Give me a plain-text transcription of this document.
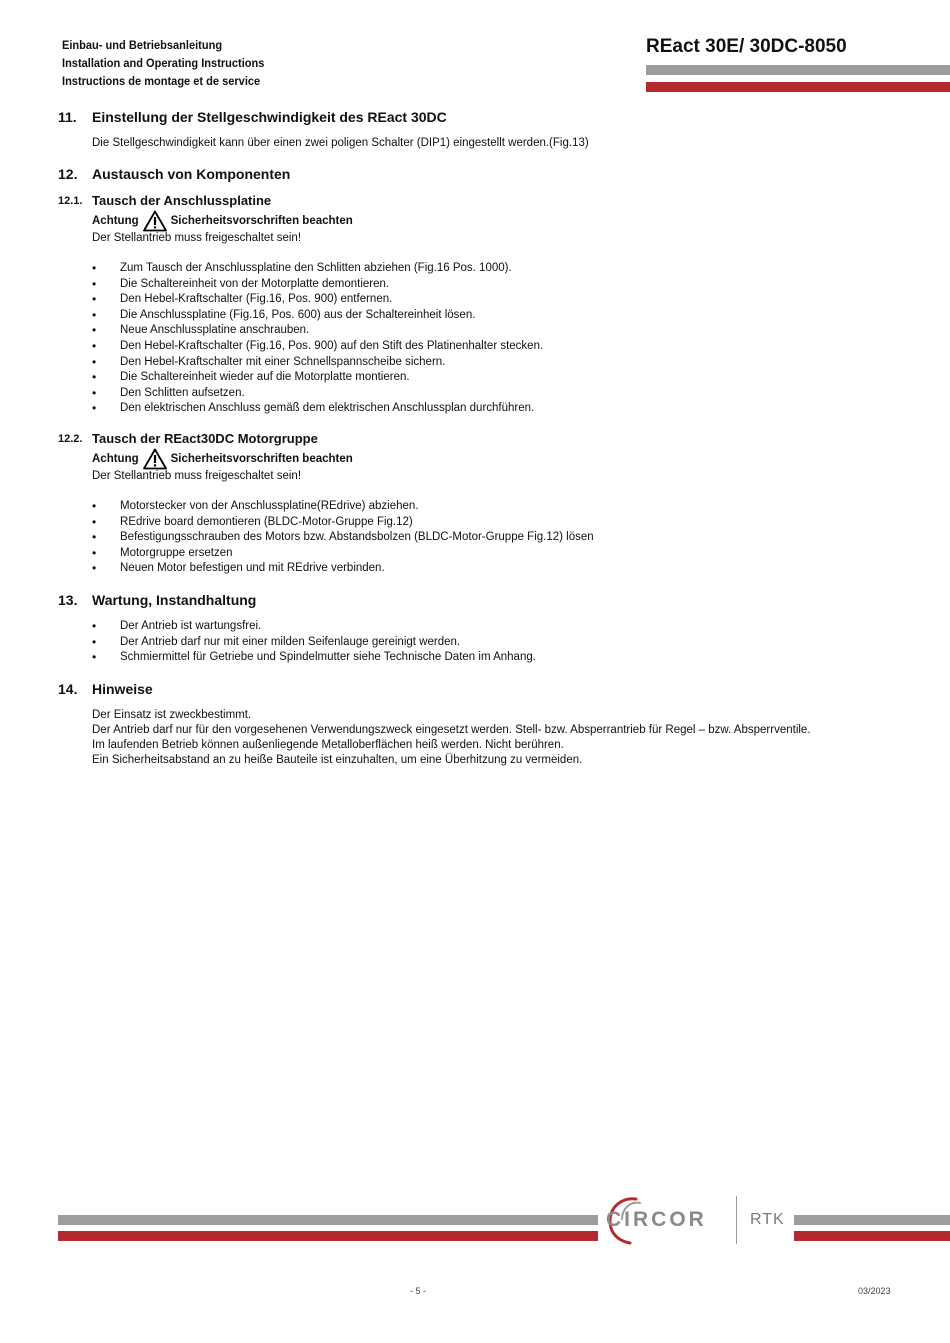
Einbau- und Betriebsanleitung
Installation and Operating Instructions
Instructions de montage et de service
REact 30E/ 30DC-8050
11. Einstellung der Stellgeschwindigkeit des REact 30DC
Die Stellgeschwindigkeit kann über einen zwei poligen Schalter (DIP1) eingestellt werden.(Fig.13)
12. Austausch von Komponenten
12.1. Tausch der Anschlussplatine
Achtung	Sicherheitsvorschriften beachten
Der Stellantrieb muss freigeschaltet sein!
• Zum Tausch der Anschlussplatine den Schlitten abziehen (Fig.16 Pos. 1000).
• Die Schaltereinheit von der Motorplatte demontieren.
• Den Hebel-Kraftschalter (Fig.16, Pos. 900) entfernen.
• Die Anschlussplatine (Fig.16, Pos. 600) aus der Schaltereinheit lösen.
• Neue Anschlussplatine anschrauben.
• Den Hebel-Kraftschalter (Fig.16, Pos. 900) auf den Stift des Platinenhalter stecken.
• Den Hebel-Kraftschalter mit einer Schnellspannscheibe sichern.
• Die Schaltereinheit wieder auf die Motorplatte montieren.
• Den Schlitten aufsetzen.
• Den elektrischen Anschluss gemäß dem elektrischen Anschlussplan durchführen.
12.2. Tausch der REact30DC Motorgruppe
Achtung	Sicherheitsvorschriften beachten
Der Stellantrieb muss freigeschaltet sein!
• Motorstecker von der Anschlussplatine(REdrive) abziehen.
• REdrive board demontieren (BLDC-Motor-Gruppe Fig.12)
• Befestigungsschrauben des Motors bzw. Abstandsbolzen (BLDC-Motor-Gruppe Fig.12) lösen
• Motorgruppe ersetzen
• Neuen Motor befestigen und mit REdrive verbinden.
13. Wartung, Instandhaltung
• Der Antrieb ist wartungsfrei.
• Der Antrieb darf nur mit einer milden Seifenlauge gereinigt werden.
• Schmiermittel für Getriebe und Spindelmutter siehe Technische Daten im Anhang.
14. Hinweise
Der Einsatz ist zweckbestimmt.
Der Antrieb darf nur für den vorgesehenen Verwendungszweck eingesetzt werden. Stell- bzw. Absperrantrieb für Regel – bzw. Absperrventile.
Im laufenden Betrieb können außenliegende Metalloberflächen heiß werden. Nicht berühren.
Ein Sicherheitsabstand an zu heiße Bauteile ist einzuhalten, um eine Überhitzung zu vermeiden.
CIRCOR	RTK
- 5 -	03/2023
